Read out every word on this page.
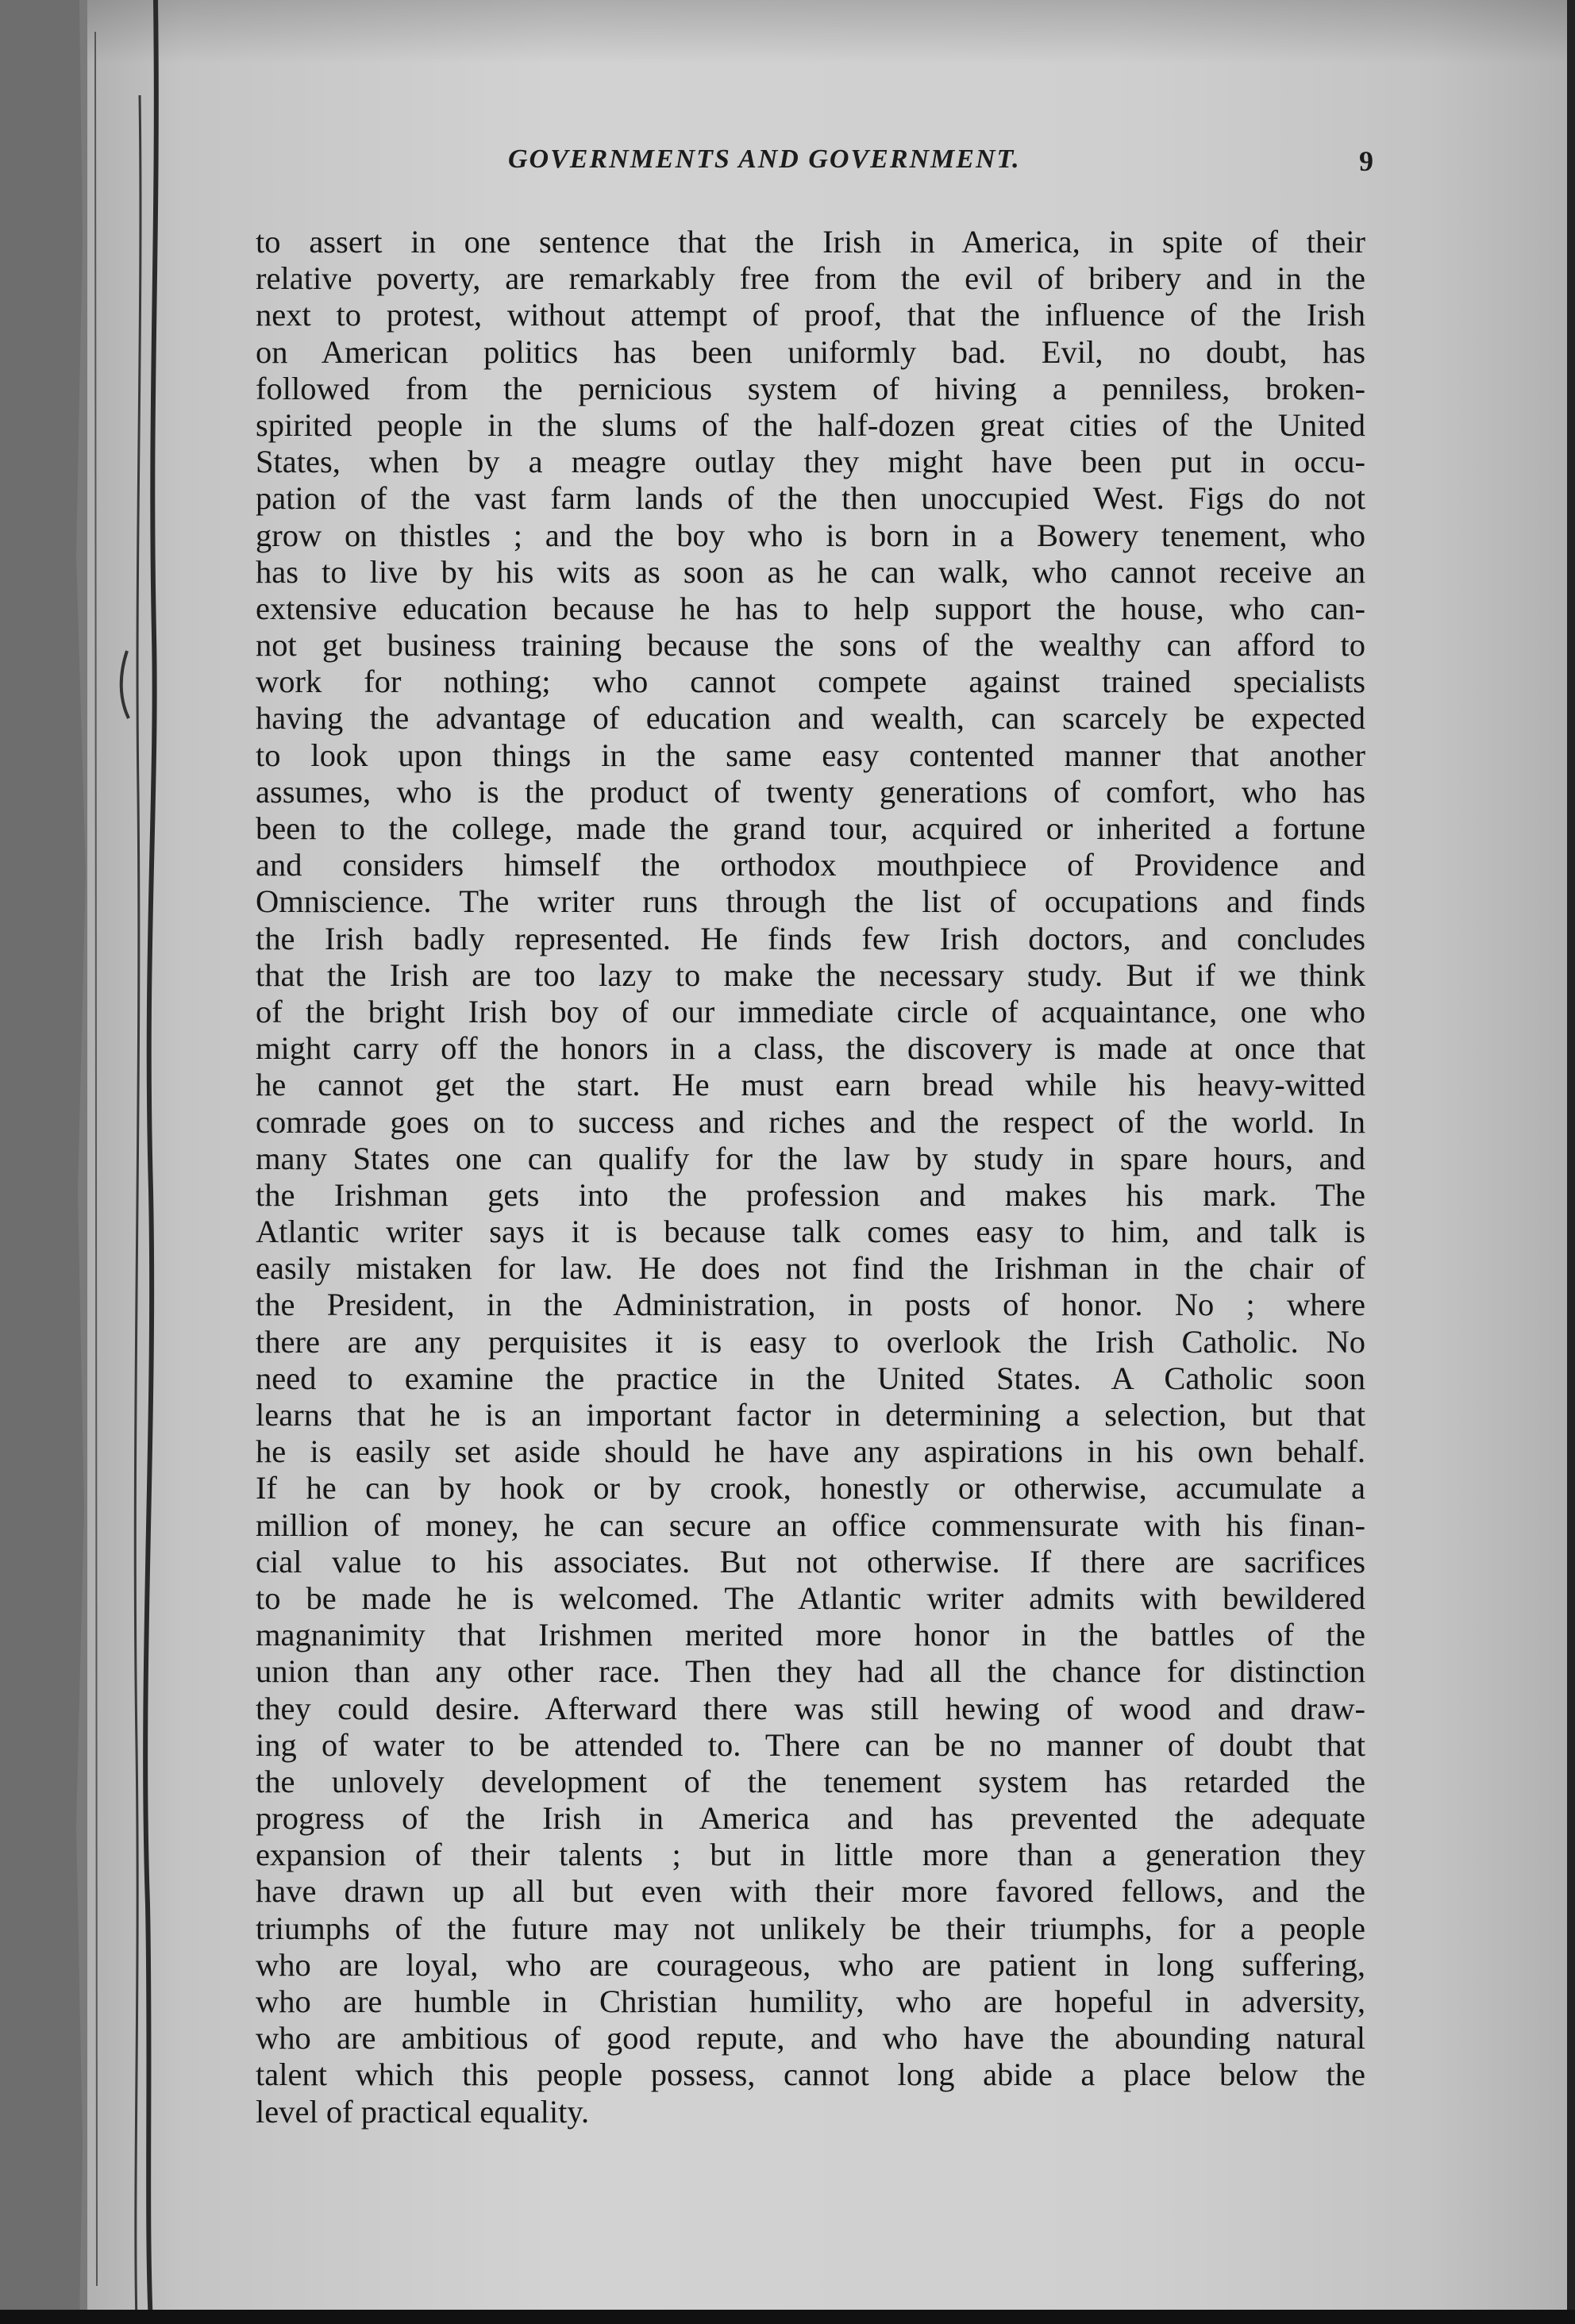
GOVERNMENTS AND GOVERNMENT.	9
to assert in one sentence that the Irish in America, in spite of their
relative poverty, are remarkably free from the evil of bribery and in the
next to protest, without attempt of proof, that the influence of the Irish
on American politics has been uniformly bad. Evil, no doubt, has
followed from the pernicious system of hiving a penniless, broken-
spirited people in the slums of the half-dozen great cities of the United
States, when by a meagre outlay they might have been put in occu-
pation of the vast farm lands of the then unoccupied West. Figs do not
grow on thistles ; and the boy who is born in a Bowery tenement, who
has to live by his wits as soon as he can walk, who cannot receive an
extensive education because he has to help support the house, who can-
not get business training because the sons of the wealthy can afford to
work for nothing; who cannot compete against trained specialists
having the advantage of education and wealth, can scarcely be expected
to look upon things in the same easy contented manner that another
assumes, who is the product of twenty generations of comfort, who has
been to the college, made the grand tour, acquired or inherited a fortune
and considers himself the orthodox mouthpiece of Providence and
Omniscience. The writer runs through the list of occupations and finds
the Irish badly represented. He finds few Irish doctors, and concludes
that the Irish are too lazy to make the necessary study. But if we think
of the bright Irish boy of our immediate circle of acquaintance, one who
might carry off the honors in a class, the discovery is made at once that
he cannot get the start. He must earn bread while his heavy-witted
comrade goes on to success and riches and the respect of the world. In
many States one can qualify for the law by study in spare hours, and
the Irishman gets into the profession and makes his mark. The
Atlantic writer says it is because talk comes easy to him, and talk is
easily mistaken for law. He does not find the Irishman in the chair of
the President, in the Administration, in posts of honor. No ; where
there are any perquisites it is easy to overlook the Irish Catholic. No
need to examine the practice in the United States. A Catholic soon
learns that he is an important factor in determining a selection, but that
he is easily set aside should he have any aspirations in his own behalf.
If he can by hook or by crook, honestly or otherwise, accumulate a
million of money, he can secure an office commensurate with his finan-
cial value to his associates. But not otherwise. If there are sacrifices
to be made he is welcomed. The Atlantic writer admits with bewildered
magnanimity that Irishmen merited more honor in the battles of the
union than any other race. Then they had all the chance for distinction
they could desire. Afterward there was still hewing of wood and draw-
ing of water to be attended to. There can be no manner of doubt that
the unlovely development of the tenement system has retarded the
progress of the Irish in America and has prevented the adequate
expansion of their talents ; but in little more than a generation they
have drawn up all but even with their more favored fellows, and the
triumphs of the future may not unlikely be their triumphs, for a people
who are loyal, who are courageous, who are patient in long suffering,
who are humble in Christian humility, who are hopeful in adversity,
who are ambitious of good repute, and who have the abounding natural
talent which this people possess, cannot long abide a place below the
level of practical equality.
